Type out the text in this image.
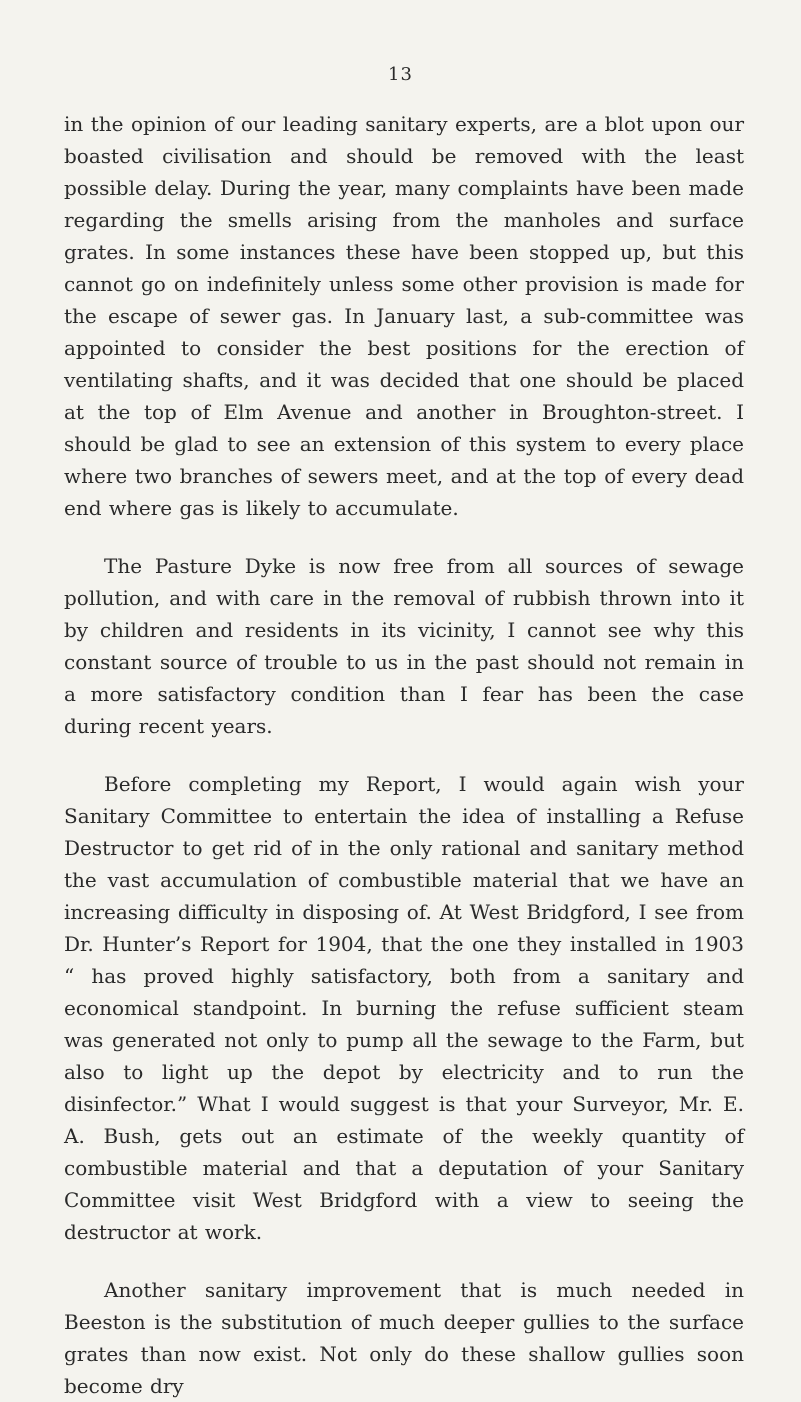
13

in the opinion of our leading sanitary experts, are a blot upon our boasted civilisation and should be removed with the least possible delay. During the year, many complaints have been made regarding the smells arising from the manholes and surface grates. In some instances these have been stopped up, but this cannot go on indefinitely unless some other provision is made for the escape of sewer gas. In January last, a sub-committee was appointed to consider the best positions for the erection of ventilating shafts, and it was decided that one should be placed at the top of Elm Avenue and another in Broughton-street. I should be glad to see an extension of this system to every place where two branches of sewers meet, and at the top of every dead end where gas is likely to accumulate.

The Pasture Dyke is now free from all sources of sewage pollution, and with care in the removal of rubbish thrown into it by children and residents in its vicinity, I cannot see why this constant source of trouble to us in the past should not remain in a more satisfactory condition than I fear has been the case during recent years.

Before completing my Report, I would again wish your Sanitary Committee to entertain the idea of installing a Refuse Destructor to get rid of in the only rational and sanitary method the vast accumulation of combustible material that we have an increasing difficulty in disposing of. At West Bridgford, I see from Dr. Hunter’s Report for 1904, that the one they installed in 1903 “ has proved highly satisfactory, both from a sanitary and economical standpoint. In burning the refuse sufficient steam was generated not only to pump all the sewage to the Farm, but also to light up the depot by electricity and to run the disinfector.” What I would suggest is that your Surveyor, Mr. E. A. Bush, gets out an estimate of the weekly quantity of combustible material and that a deputation of your Sanitary Committee visit West Bridgford with a view to seeing the destructor at work.

Another sanitary improvement that is much needed in Beeston is the substitution of much deeper gullies to the surface grates than now exist. Not only do these shallow gullies soon become dry
